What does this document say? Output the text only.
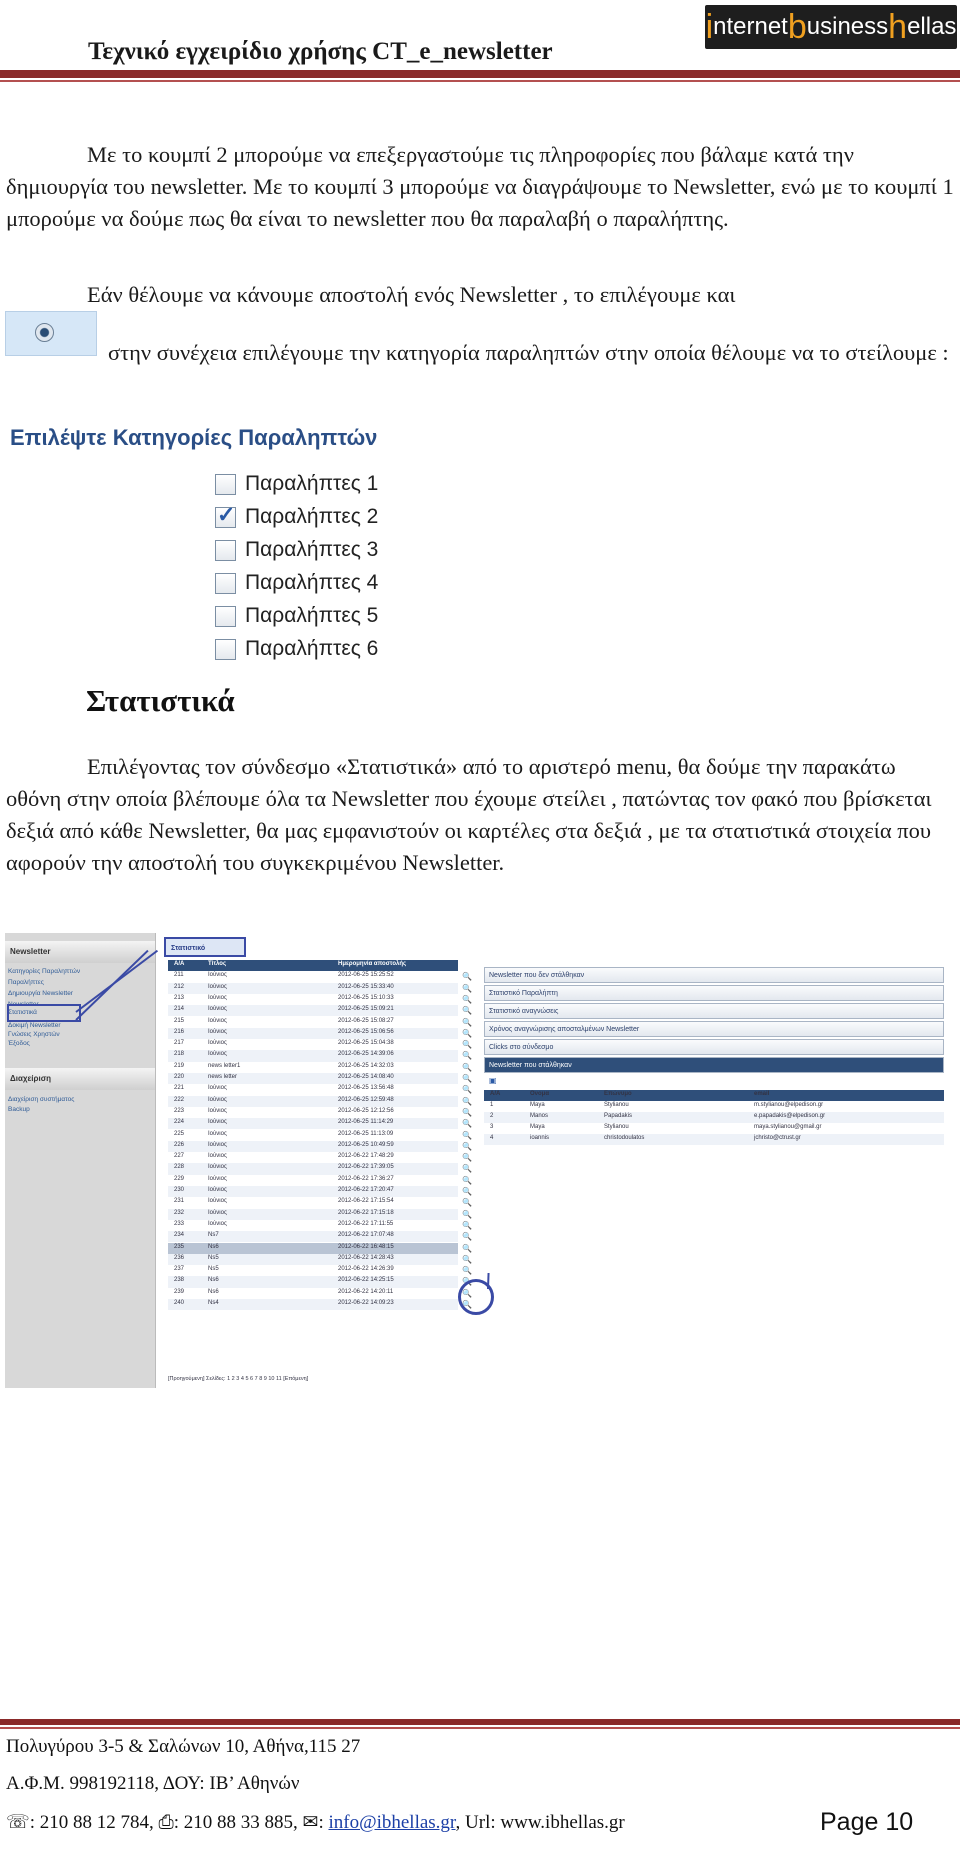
Τεχνικό εγχειρίδιο χρήσης CT_e_newsletter
i nternet b usiness h ellas
Με το κουμπί 2 μπορούμε να επεξεργαστούμε τις πληροφορίες που βάλαμε κατά την δημιουργία του newsletter. Με το κουμπί 3 μπορούμε να διαγράψουμε το Newsletter, ενώ με το κουμπί 1 μπορούμε να δούμε πως θα είναι το newsletter που θα παραλαβή ο παραλήπτης.
Εάν θέλουμε να κάνουμε αποστολή ενός Newsletter , το επιλέγουμε και
στην συνέχεια επιλέγουμε την κατηγορία παραληπτών στην οποία θέλουμε να το στείλουμε :
Επιλέψτε Κατηγορίες Παραληπτών
Παραλήπτες 1
✓
Παραλήπτες 2
Παραλήπτες 3
Παραλήπτες 4
Παραλήπτες 5
Παραλήπτες 6
Στατιστικά
Επιλέγοντας τον σύνδεσμο «Στατιστικά» από το αριστερό menu, θα δούμε την παρακάτω οθόνη στην οποία βλέπουμε όλα τα Newsletter που έχουμε στείλει , πατώντας τον φακό που βρίσκεται δεξιά από κάθε Newsletter, θα μας εμφανιστούν οι καρτέλες στα δεξιά , με τα στατιστικά στοιχεία που αφορούν την αποστολή του συγκεκριμένου Newsletter.
Newsletter
Κατηγορίες Παραληπτών
Παραλήπτες
Δημιουργία Newsletter
Newsletter
Στατιστικά
Δοκιμή Newsletter
Γνώσεις Χρηστών
Έξοδος
Διαχείριση
Διαχείριση συστήματος
Backup
Στατιστικό
A/A	Τίτλος	Ημερομηνία αποστολής
211	Ιούνιος	2012-06-25 15:25:52	🔍
212	Ιούνιος	2012-06-25 15:33:40	🔍
213	Ιούνιος	2012-06-25 15:10:33	🔍
214	Ιούνιος	2012-06-25 15:09:21	🔍
215	Ιούνιος	2012-06-25 15:08:27	🔍
216	Ιούνιος	2012-06-25 15:06:56	🔍
217	Ιούνιος	2012-06-25 15:04:38	🔍
218	Ιούνιος	2012-06-25 14:39:06	🔍
219	news letter1	2012-06-25 14:32:03	🔍
220	news letter	2012-06-25 14:08:40	🔍
221	Ιούνιος	2012-06-25 13:56:48	🔍
222	Ιούνιος	2012-06-25 12:59:48	🔍
223	Ιούνιος	2012-06-25 12:12:56	🔍
224	Ιούνιος	2012-06-25 11:14:29	🔍
225	Ιούνιος	2012-06-25 11:13:09	🔍
226	Ιούνιος	2012-06-25 10:49:59	🔍
227	Ιούνιος	2012-06-22 17:48:29	🔍
228	Ιούνιος	2012-06-22 17:39:05	🔍
229	Ιούνιος	2012-06-22 17:36:27	🔍
230	Ιούνιος	2012-06-22 17:20:47	🔍
231	Ιούνιος	2012-06-22 17:15:54	🔍
232	Ιούνιος	2012-06-22 17:15:18	🔍
233	Ιούνιος	2012-06-22 17:11:55	🔍
234	Ns7	2012-06-22 17:07:48	🔍
235	Ns6	2012-06-22 16:48:15	🔍
236	Ns5	2012-06-22 14:28:43	🔍
237	Ns5	2012-06-22 14:26:39	🔍
238	Ns6	2012-06-22 14:25:15	🔍
239	Ns6	2012-06-22 14:20:11	🔍
240	Ns4	2012-06-22 14:09:23	🔍
[Προηγούμενη] Σελίδες: 1 2 3 4 5 6 7 8 9 10 11 [Επόμενη]
Newsletter που δεν στάλθηκαν
Στατιστικό Παραλήπτη
Στατιστικό αναγνώσεις
Χρόνος αναγνώρισης αποσταλμένων Newsletter
Clicks στο σύνδεσμο
Newsletter που στάλθηκαν
▣
A/A	Ονομα	Επώνυμο	email
1	Maya	Stylianou	m.stylianou@elpedison.gr
2	Manos	Papadakis	e.papadakis@elpedison.gr
3	Maya	Stylianou	maya.stylianou@gmail.gr
4	ioannis	christodoulatos	jchristo@ctrust.gr
Πολυγύρου 3-5 & Σαλώνων 10, Αθήνα,115 27
Α.Φ.Μ. 998192118, ΔΟΥ: ΙΒ’ Αθηνών
☏: 210 88 12 784, ⎙: 210 88 33 885, ✉: info@ibhellas.gr, Url: www.ibhellas.gr	Page 10
